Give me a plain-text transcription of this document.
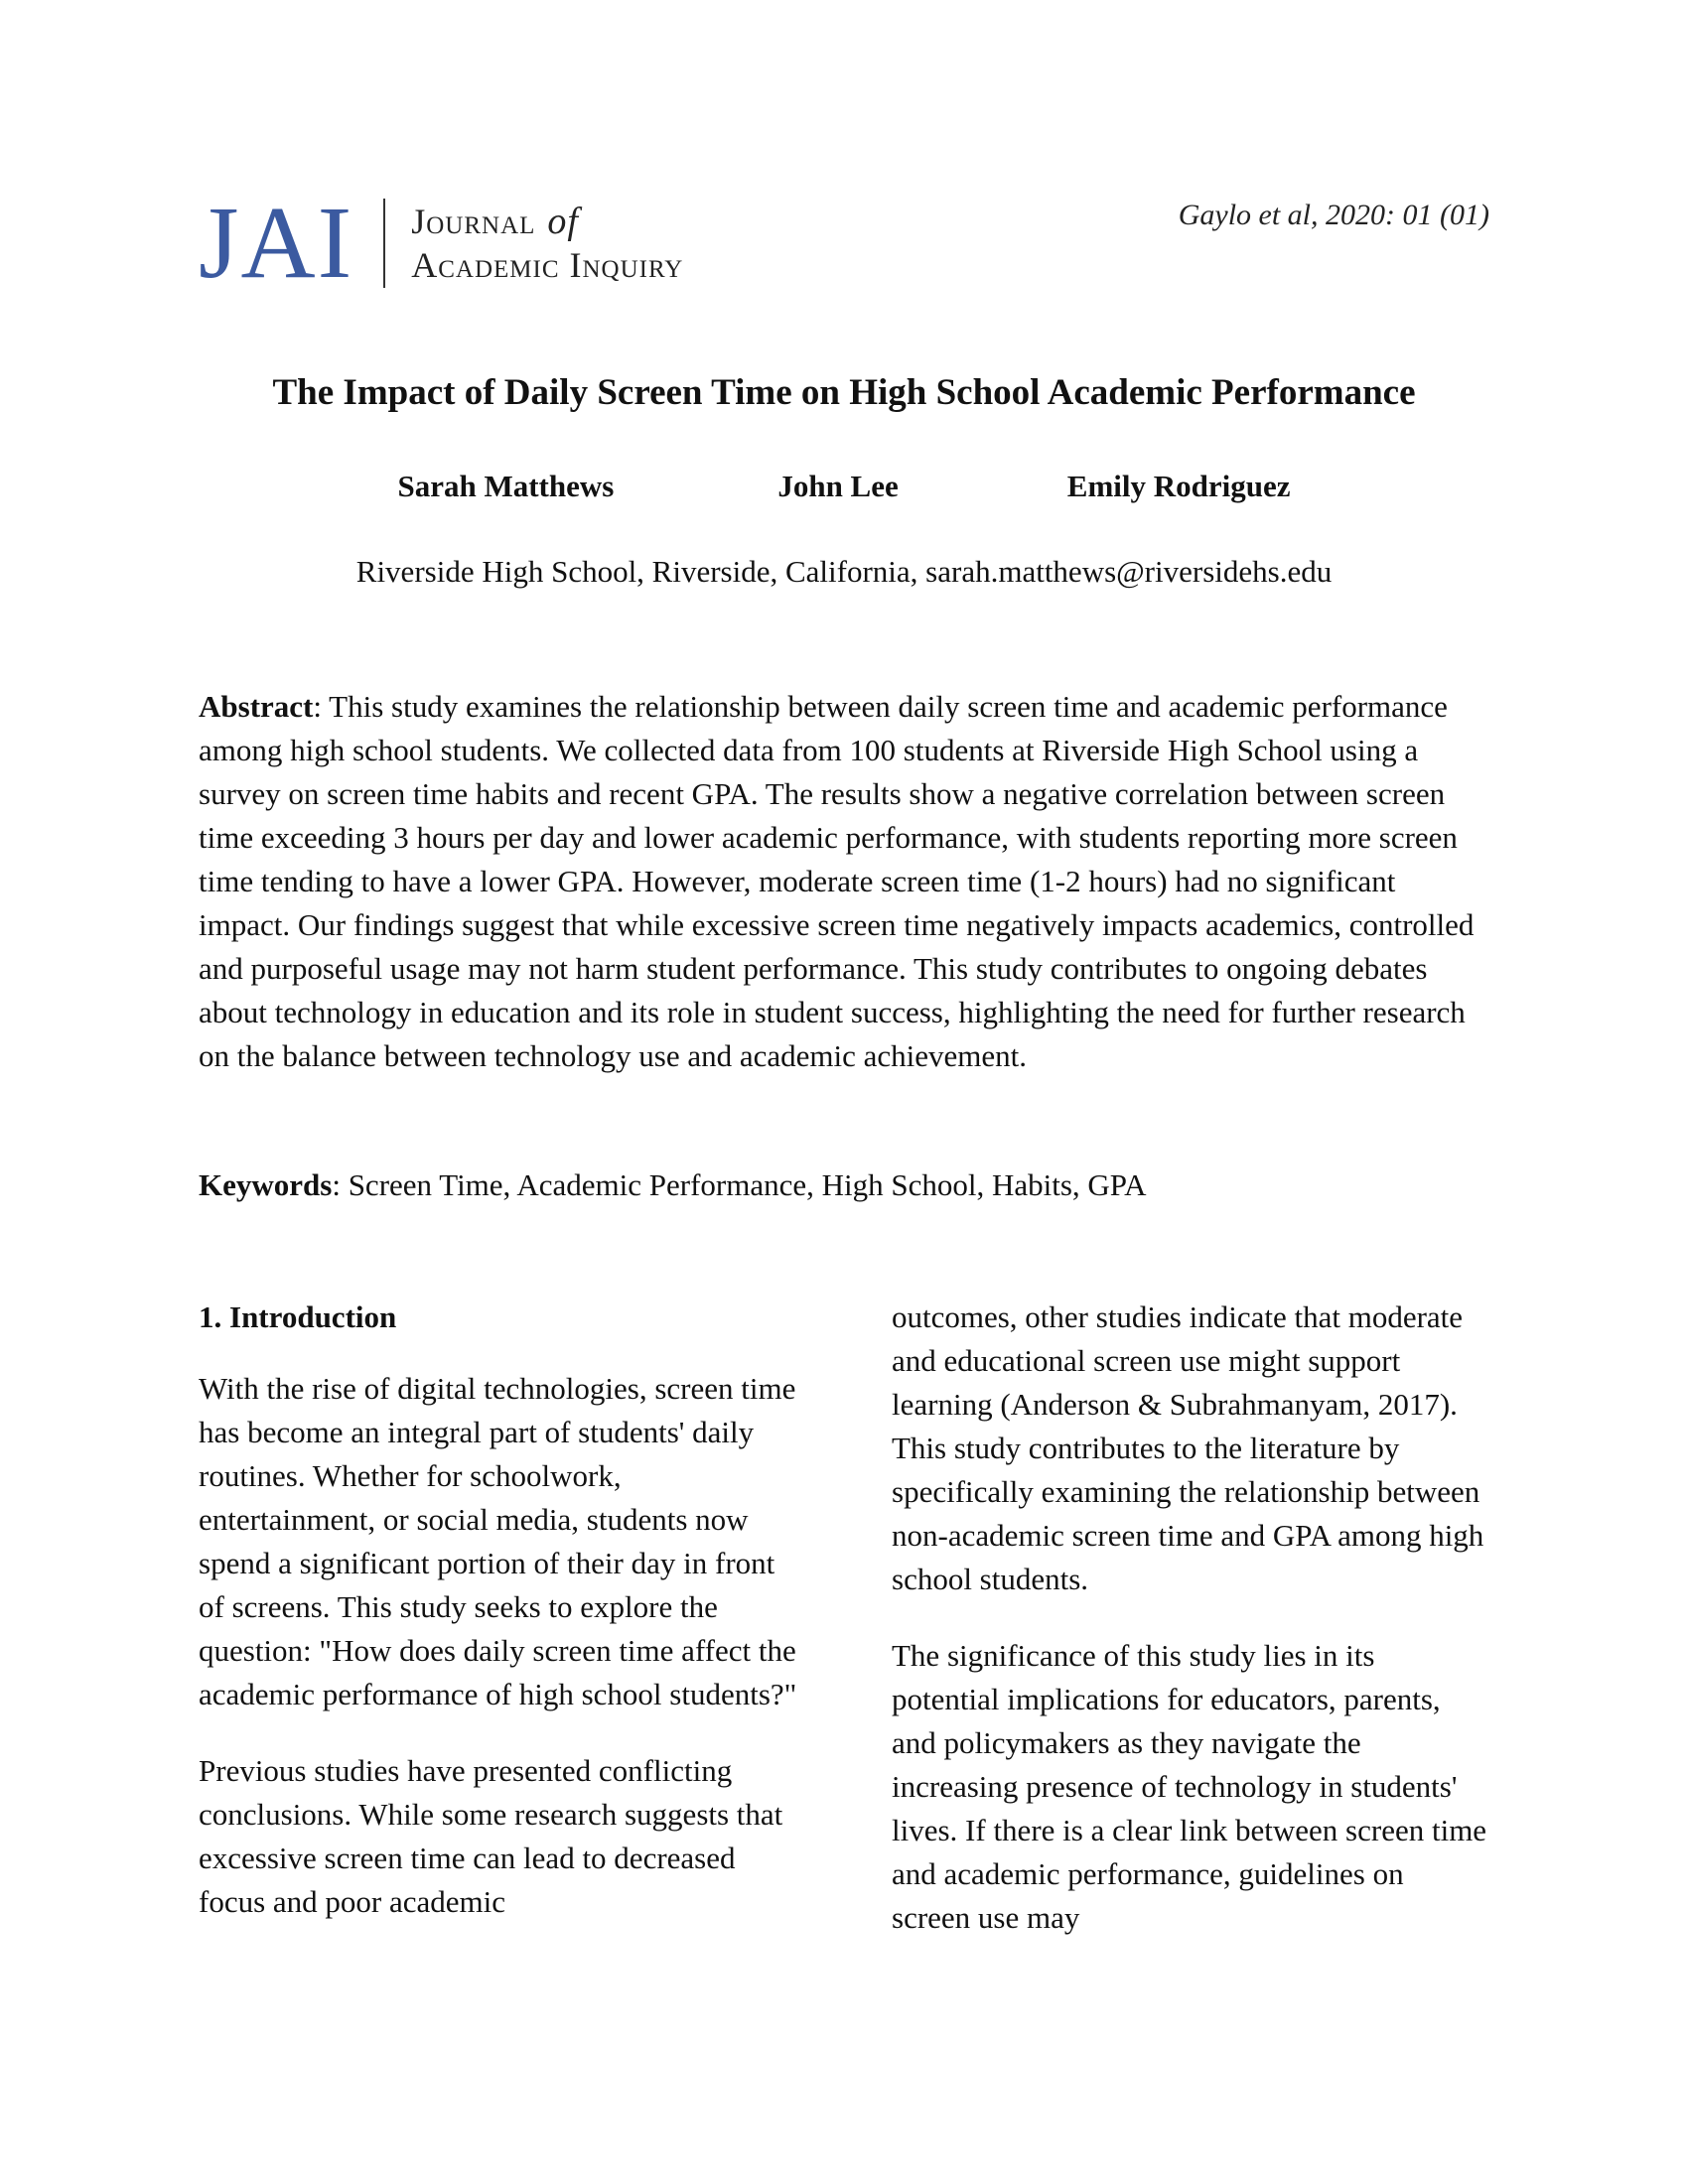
JAI Journal of
Academic Inquiry
Gaylo et al, 2020: 01 (01)
The Impact of Daily Screen Time on High School Academic Performance
Sarah Matthews	John Lee	Emily Rodriguez
Riverside High School, Riverside, California, sarah.matthews@riversidehs.edu
Abstract: This study examines the relationship between daily screen time and academic performance among high school students. We collected data from 100 students at Riverside High School using a survey on screen time habits and recent GPA. The results show a negative correlation between screen time exceeding 3 hours per day and lower academic performance, with students reporting more screen time tending to have a lower GPA. However, moderate screen time (1-2 hours) had no significant impact. Our findings suggest that while excessive screen time negatively impacts academics, controlled and purposeful usage may not harm student performance. This study contributes to ongoing debates about technology in education and its role in student success, highlighting the need for further research on the balance between technology use and academic achievement.
Keywords: Screen Time, Academic Performance, High School, Habits, GPA
1. Introduction

With the rise of digital technologies, screen time has become an integral part of students' daily routines. Whether for schoolwork, entertainment, or social media, students now spend a significant portion of their day in front of screens. This study seeks to explore the question: "How does daily screen time affect the academic performance of high school students?"

Previous studies have presented conflicting conclusions. While some research suggests that excessive screen time can lead to decreased focus and poor academic

outcomes, other studies indicate that moderate and educational screen use might support learning (Anderson & Subrahmanyam, 2017). This study contributes to the literature by specifically examining the relationship between non-academic screen time and GPA among high school students.

The significance of this study lies in its potential implications for educators, parents, and policymakers as they navigate the increasing presence of technology in students' lives. If there is a clear link between screen time and academic performance, guidelines on screen use may
